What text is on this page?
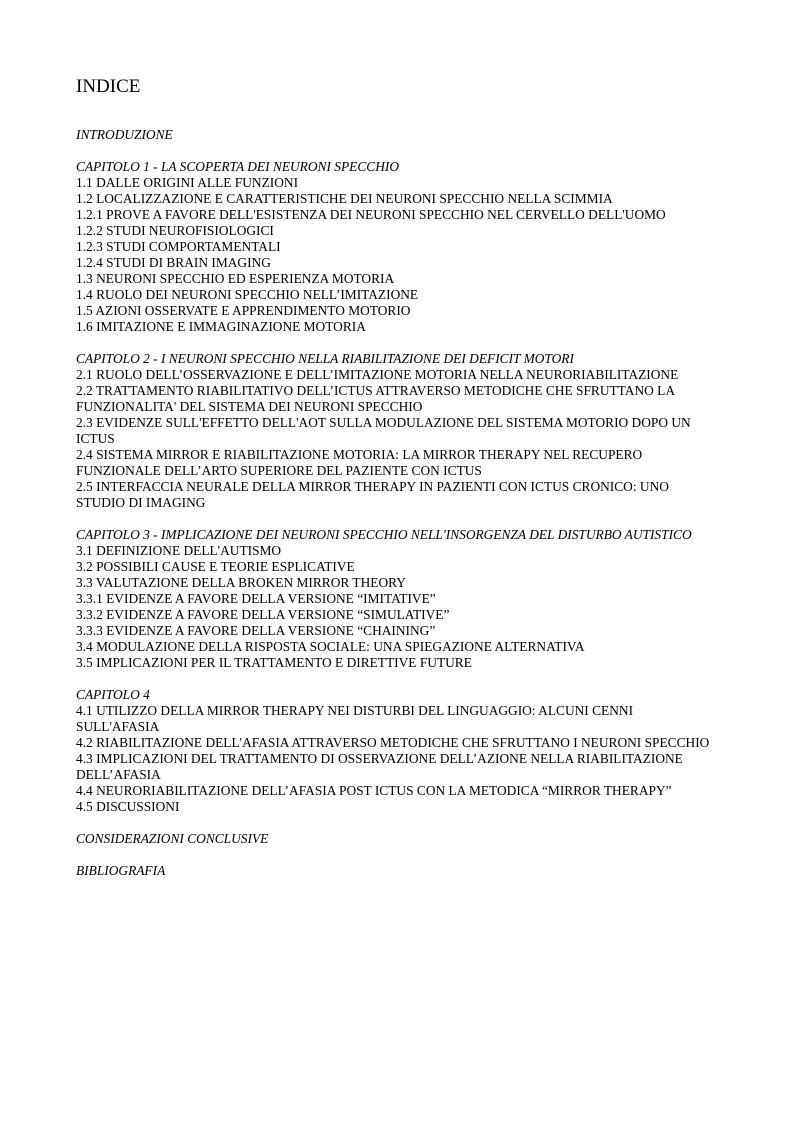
INDICE
INTRODUZIONE
CAPITOLO 1 - LA SCOPERTA DEI NEURONI SPECCHIO
1.1 DALLE ORIGINI ALLE FUNZIONI
1.2 LOCALIZZAZIONE E CARATTERISTICHE DEI NEURONI SPECCHIO NELLA SCIMMIA
1.2.1 PROVE A FAVORE DELL'ESISTENZA DEI NEURONI SPECCHIO NEL CERVELLO DELL'UOMO
1.2.2 STUDI NEUROFISIOLOGICI
1.2.3 STUDI COMPORTAMENTALI
1.2.4 STUDI DI BRAIN IMAGING
1.3 NEURONI SPECCHIO ED ESPERIENZA MOTORIA
1.4 RUOLO DEI NEURONI SPECCHIO NELL’IMITAZIONE
1.5 AZIONI OSSERVATE E APPRENDIMENTO MOTORIO
1.6 IMITAZIONE E IMMAGINAZIONE MOTORIA
CAPITOLO 2 - I NEURONI SPECCHIO NELLA RIABILITAZIONE DEI DEFICIT MOTORI
2.1 RUOLO DELL’OSSERVAZIONE E DELL’IMITAZIONE MOTORIA NELLA NEURORIABILITAZIONE
2.2 TRATTAMENTO RIABILITATIVO DELL’ICTUS ATTRAVERSO METODICHE CHE SFRUTTANO LA FUNZIONALITA' DEL SISTEMA DEI NEURONI SPECCHIO
2.3 EVIDENZE SULL'EFFETTO DELL'AOT SULLA MODULAZIONE DEL SISTEMA MOTORIO DOPO UN ICTUS
2.4 SISTEMA MIRROR E RIABILITAZIONE MOTORIA: LA MIRROR THERAPY NEL RECUPERO FUNZIONALE DELL’ARTO SUPERIORE DEL PAZIENTE CON ICTUS
2.5 INTERFACCIA NEURALE DELLA MIRROR THERAPY IN PAZIENTI CON ICTUS CRONICO: UNO STUDIO DI IMAGING
CAPITOLO 3 - IMPLICAZIONE DEI NEURONI SPECCHIO NELL'INSORGENZA DEL DISTURBO AUTISTICO
3.1 DEFINIZIONE DELL'AUTISMO
3.2 POSSIBILI CAUSE E TEORIE ESPLICATIVE
3.3 VALUTAZIONE DELLA BROKEN MIRROR THEORY
3.3.1 EVIDENZE A FAVORE DELLA VERSIONE “IMITATIVE”
3.3.2 EVIDENZE A FAVORE DELLA VERSIONE “SIMULATIVE”
3.3.3 EVIDENZE A FAVORE DELLA VERSIONE “CHAINING”
3.4 MODULAZIONE DELLA RISPOSTA SOCIALE: UNA SPIEGAZIONE ALTERNATIVA
3.5 IMPLICAZIONI PER IL TRATTAMENTO E DIRETTIVE FUTURE
CAPITOLO 4
4.1 UTILIZZO DELLA MIRROR THERAPY NEI DISTURBI DEL LINGUAGGIO: ALCUNI CENNI SULL'AFASIA
4.2 RIABILITAZIONE DELL'AFASIA ATTRAVERSO METODICHE CHE SFRUTTANO I NEURONI SPECCHIO
4.3 IMPLICAZIONI DEL TRATTAMENTO DI OSSERVAZIONE DELL’AZIONE NELLA RIABILITAZIONE DELL’AFASIA
4.4 NEURORIABILITAZIONE DELL’AFASIA POST ICTUS CON LA METODICA “MIRROR THERAPY”
4.5 DISCUSSIONI
CONSIDERAZIONI CONCLUSIVE
BIBLIOGRAFIA
